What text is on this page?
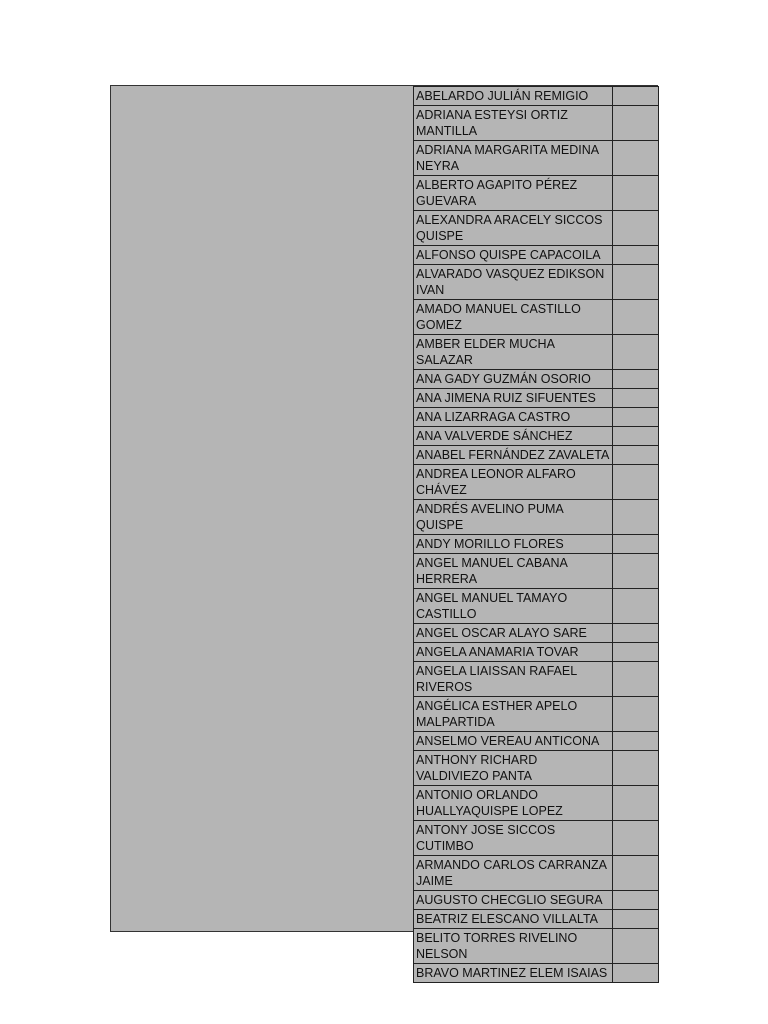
ABELARDO JULIÁN REMIGIO	
ADRIANA ESTEYSI ORTIZ MANTILLA	
ADRIANA MARGARITA MEDINA NEYRA	
ALBERTO AGAPITO PÉREZ GUEVARA	
ALEXANDRA ARACELY SICCOS QUISPE	
ALFONSO QUISPE CAPACOILA	
ALVARADO VASQUEZ EDIKSON IVAN	
AMADO MANUEL CASTILLO GOMEZ	
AMBER ELDER MUCHA SALAZAR	
ANA GADY GUZMÁN OSORIO	
ANA JIMENA RUIZ SIFUENTES	
ANA LIZARRAGA CASTRO	
ANA VALVERDE SÁNCHEZ	
ANABEL FERNÁNDEZ ZAVALETA	
ANDREA LEONOR ALFARO CHÁVEZ	
ANDRÉS AVELINO PUMA QUISPE	
ANDY MORILLO FLORES	
ANGEL MANUEL CABANA HERRERA	
ANGEL MANUEL TAMAYO CASTILLO	
ANGEL OSCAR ALAYO SARE	
ANGELA ANAMARIA TOVAR	
ANGELA LIAISSAN RAFAEL RIVEROS	
ANGÉLICA ESTHER APELO MALPARTIDA	
ANSELMO VEREAU ANTICONA	
ANTHONY RICHARD VALDIVIEZO PANTA	
ANTONIO ORLANDO HUALLYAQUISPE LOPEZ	
ANTONY JOSE SICCOS CUTIMBO	
ARMANDO CARLOS CARRANZA JAIME	
AUGUSTO CHECGLIO SEGURA	
BEATRIZ ELESCANO VILLALTA	
BELITO TORRES RIVELINO NELSON	
BRAVO MARTINEZ ELEM ISAIAS	
